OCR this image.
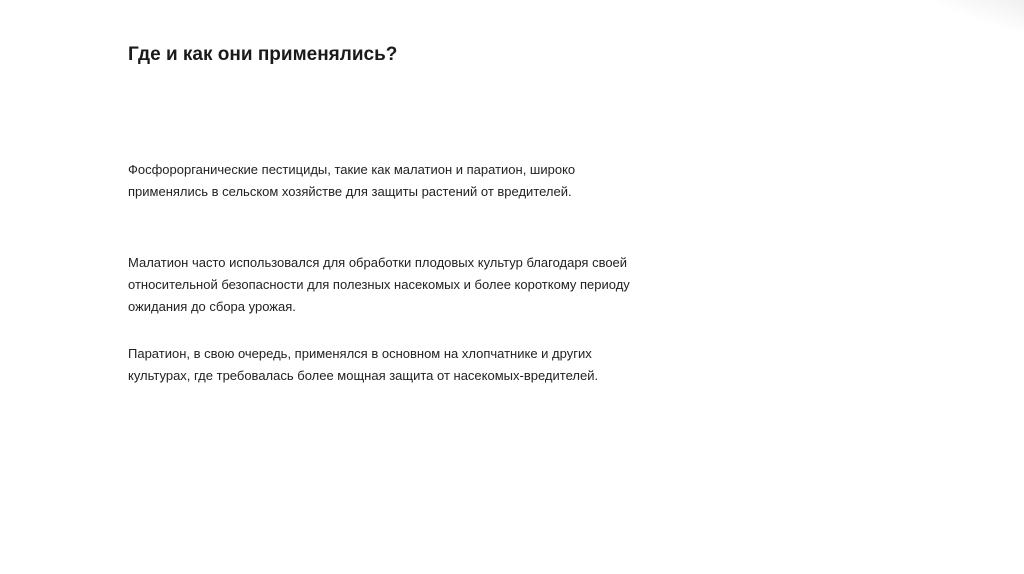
Где и как они применялись?

Фосфорорганические пестициды, такие как малатион и паратион, широко
применялись в сельском хозяйстве для защиты растений от вредителей.

Малатион часто использовался для обработки плодовых культур благодаря своей
относительной безопасности для полезных насекомых и более короткому периоду
ожидания до сбора урожая.

Паратион, в свою очередь, применялся в основном на хлопчатнике и других
культурах, где требовалась более мощная защита от насекомых-вредителей.
